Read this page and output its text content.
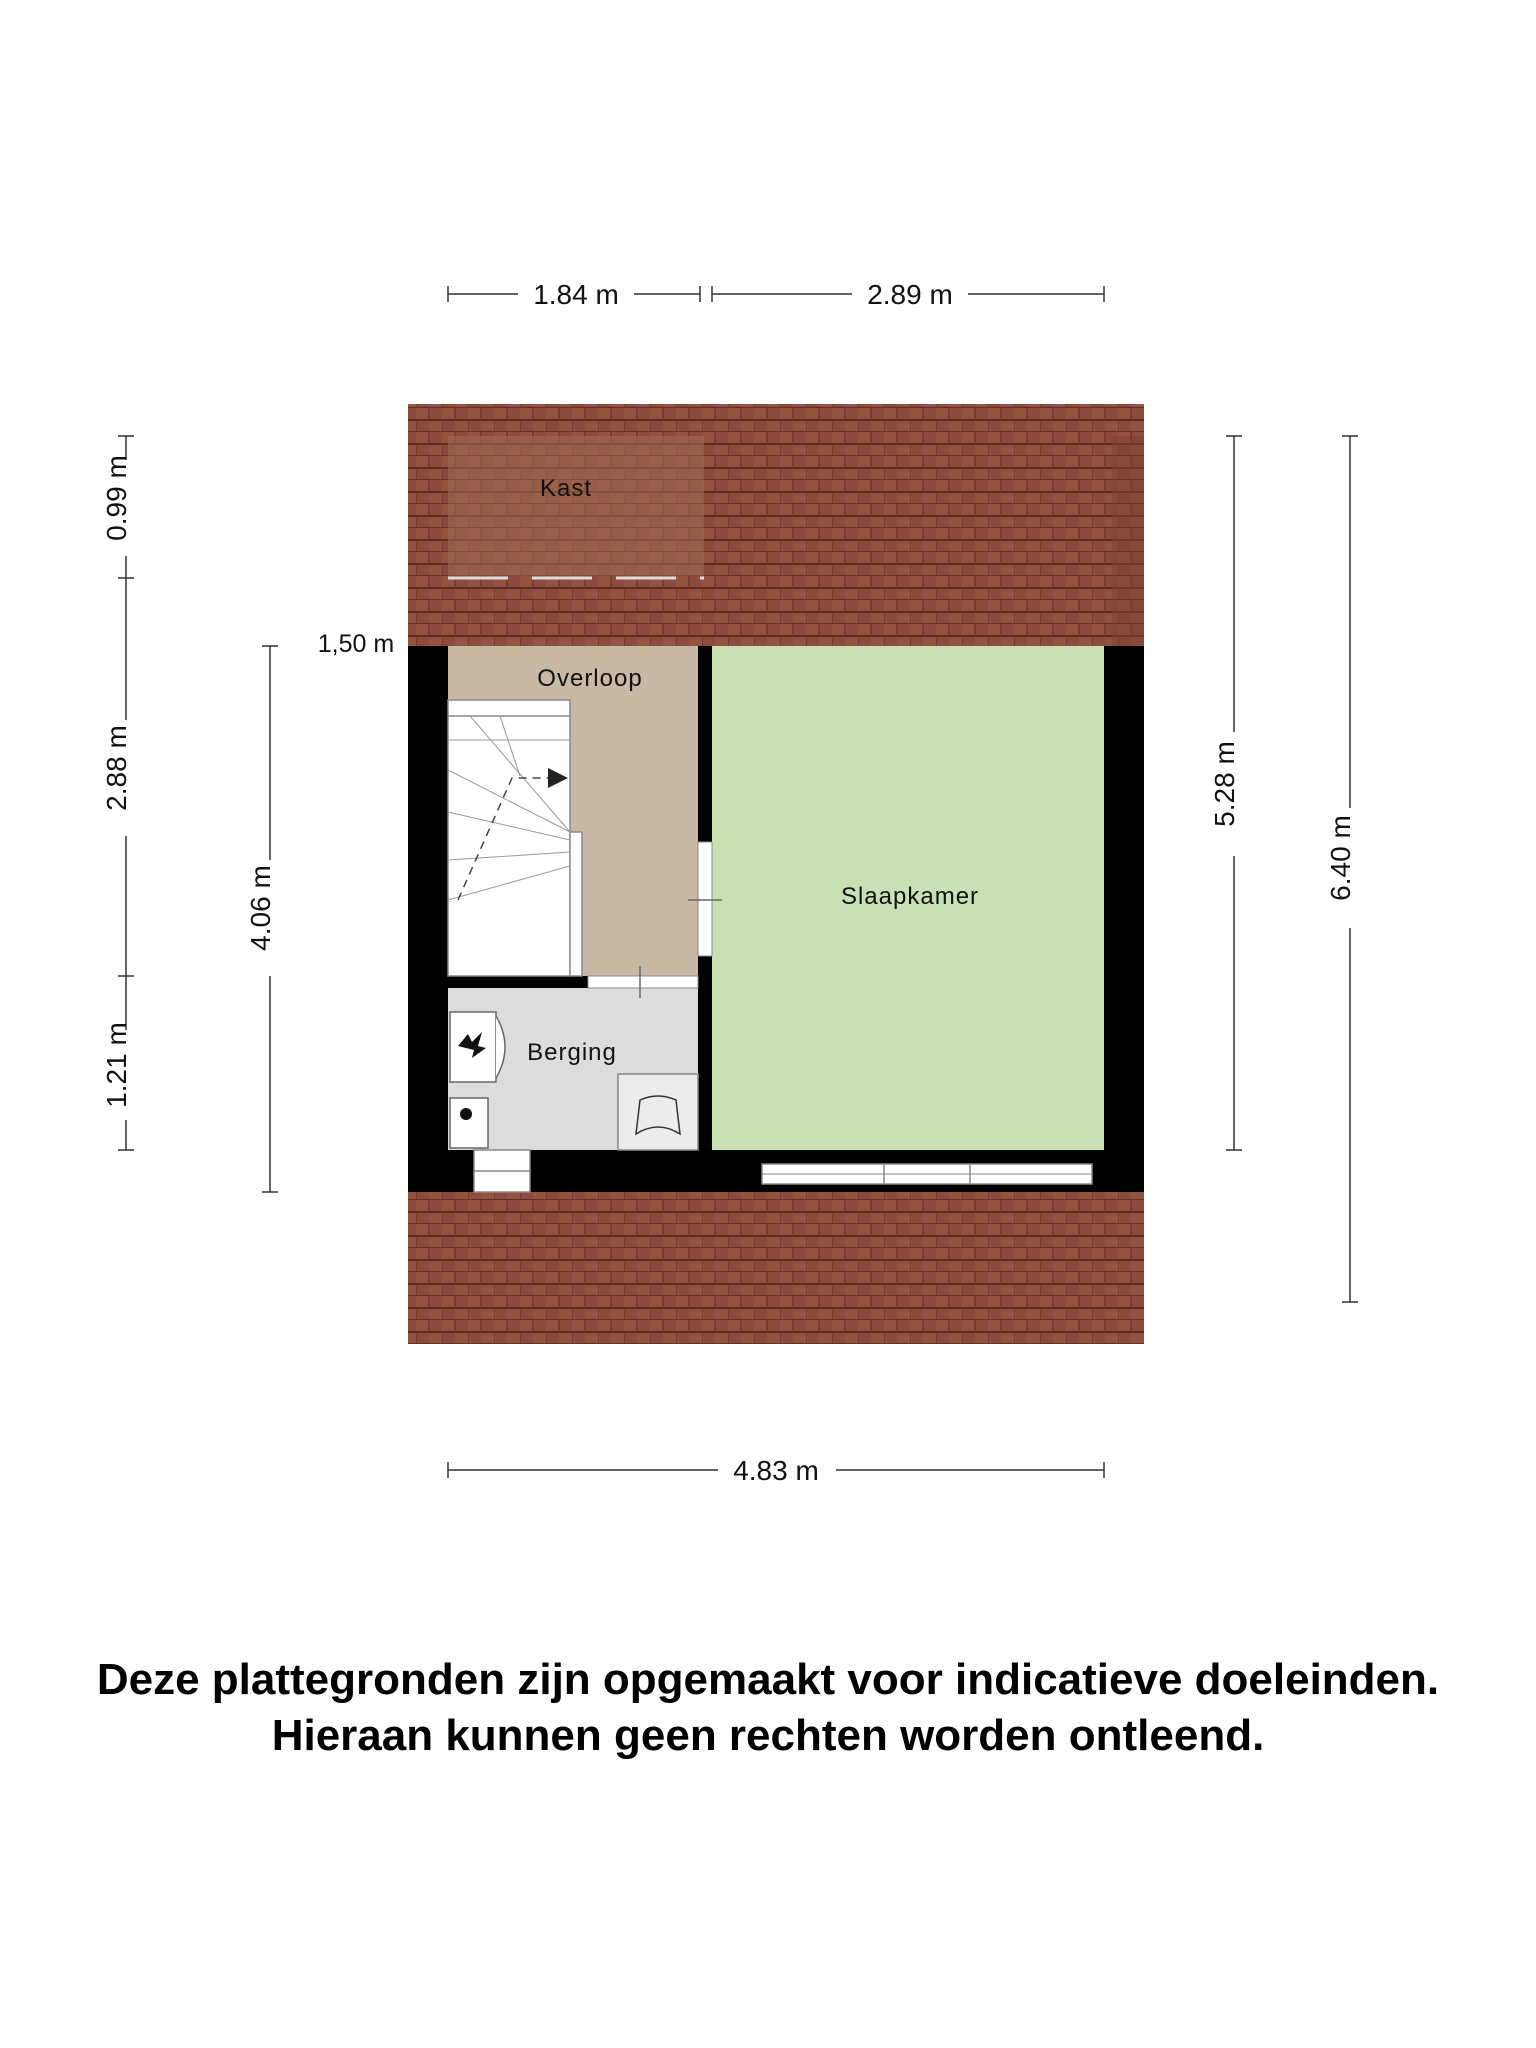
Kast
Overloop
Slaapkamer
Berging
1.84 m	2.89 m
4.83 m
0.99 m
2.88 m
1.21 m
4.06 m
1,50 m
5.28 m
6.40 m
Deze plattegronden zijn opgemaakt voor indicatieve doeleinden.
Hieraan kunnen geen rechten worden ontleend.
